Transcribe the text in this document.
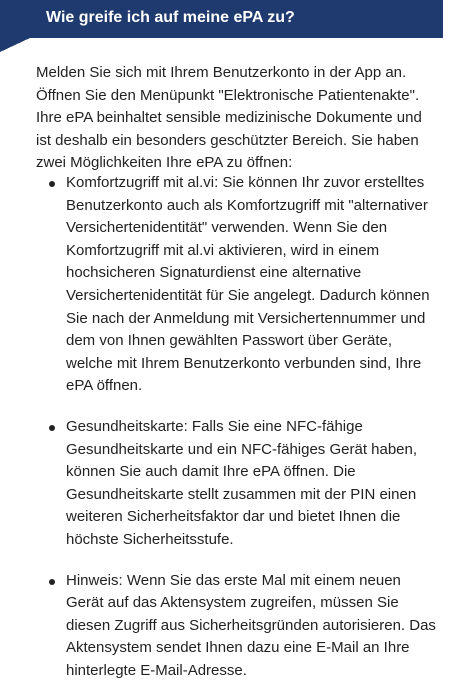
Wie greife ich auf meine ePA zu?

Melden Sie sich mit Ihrem Benutzerkonto in der App an. Öffnen Sie den Menüpunkt "Elektronische Patientenakte". Ihre ePA beinhaltet sensible medizinische Dokumente und ist deshalb ein besonders geschützter Bereich. Sie haben zwei Möglichkeiten Ihre ePA zu öffnen:

Komfortzugriff mit al.vi: Sie können Ihr zuvor erstelltes Benutzerkonto auch als Komfortzugriff mit "alternativer Versichertenidentität" verwenden. Wenn Sie den Komfortzugriff mit al.vi aktivieren, wird in einem hochsicheren Signaturdienst eine alternative Versichertenidentität für Sie angelegt. Dadurch können Sie nach der Anmeldung mit Versichertennummer und dem von Ihnen gewählten Passwort über Geräte, welche mit Ihrem Benutzerkonto verbunden sind, Ihre ePA öffnen.
Gesundheitskarte: Falls Sie eine NFC-fähige Gesundheitskarte und ein NFC-fähiges Gerät haben, können Sie auch damit Ihre ePA öffnen. Die Gesundheitskarte stellt zusammen mit der PIN einen weiteren Sicherheitsfaktor dar und bietet Ihnen die höchste Sicherheitsstufe.
Hinweis: Wenn Sie das erste Mal mit einem neuen Gerät auf das Aktensystem zugreifen, müssen Sie diesen Zugriff aus Sicherheitsgründen autorisieren. Das Aktensystem sendet Ihnen dazu eine E-Mail an Ihre hinterlegte E-Mail-Adresse.
